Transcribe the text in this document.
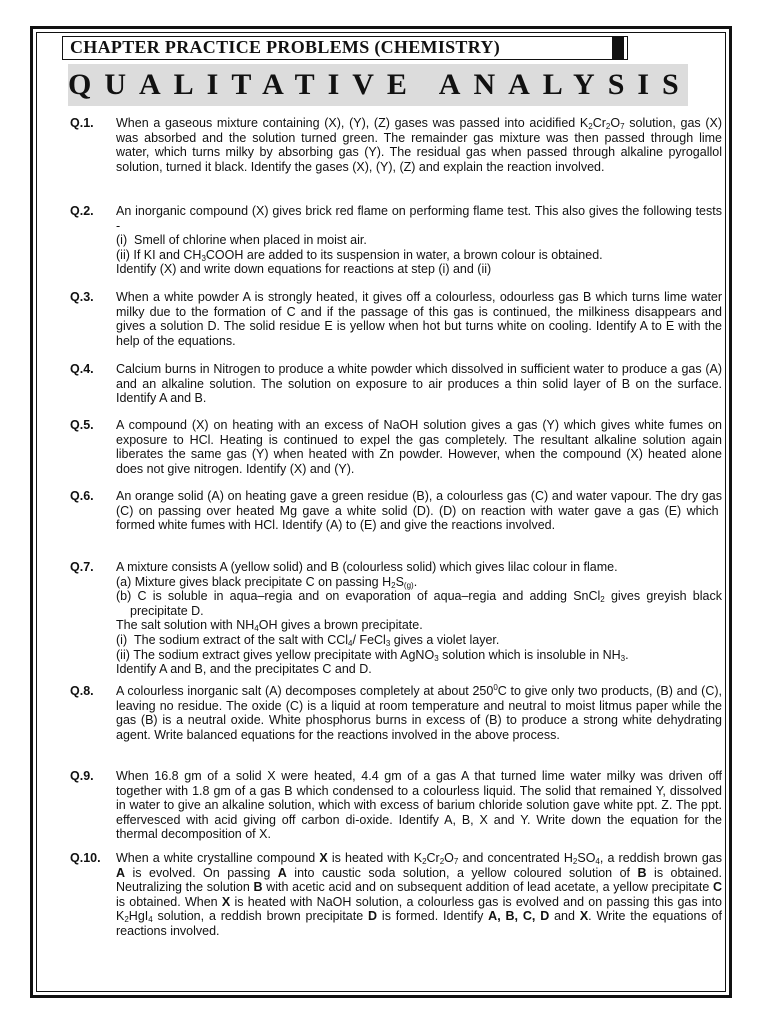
CHAPTER PRACTICE PROBLEMS (CHEMISTRY)
QUALITATIVE ANALYSIS
Q.1. When a gaseous mixture containing (X), (Y), (Z) gases was passed into acidified $K_2Cr_2O_7$ solution, gas (X) was absorbed and the solution turned green. The remainder gas mixture was then passed through lime water, which turns milky by absorbing gas (Y). The residual gas when passed through alkaline pyrogallol solution, turned it black. Identify the gases (X), (Y), (Z) and explain the reaction involved.

Q.2. An inorganic compound (X) gives brick red flame on performing flame test. This also gives the following tests -

(i)  Smell of chlorine when placed in moist air.

(ii) If KI and $CH_3COOH$ are added to its suspension in water, a brown colour is obtained.

Identify (X) and write down equations for reactions at step (i) and (ii)

Q.3. When a white powder A is strongly heated, it gives off a colourless, odourless gas B which turns lime water milky due to the formation of C and if the passage of this gas is continued, the milkiness disappears and gives a solution D. The solid residue E is yellow when hot but turns white on cooling. Identify A to E with the help of the equations.

Q.4. Calcium burns in Nitrogen to produce a white powder which dissolved in sufficient water to produce a gas (A) and an alkaline solution. The solution on exposure to air produces a thin solid layer of B on the surface. Identify A and B.

Q.5. A compound (X) on heating with an excess of NaOH solution gives a gas (Y) which gives white fumes on exposure to HCl. Heating is continued to expel the gas completely. The resultant alkaline solution again liberates the same gas (Y) when heated with Zn powder. However, when the compound (X) heated alone does not give nitrogen. Identify (X) and (Y).

Q.6. An orange solid (A) on heating gave a green residue (B), a colourless gas (C) and water vapour. The dry gas (C) on passing over heated Mg gave a white solid (D). (D) on reaction with water gave a gas (E) which  formed white fumes with HCl. Identify (A) to (E) and give the reactions involved.

Q.7. A mixture consists A (yellow solid) and B (colourless solid) which gives lilac colour in flame.

(a) Mixture gives black precipitate C on passing $H_2S_{(g)}$.

(b) C is soluble in aqua–regia and on evaporation of aqua–regia and adding SnCl$_2$ gives greyish black precipitate D.

The salt solution with $NH_4OH$ gives a brown precipitate.

(i)  The sodium extract of the salt with CCl$_4$/ FeCl$_3$ gives a violet layer.

(ii) The sodium extract gives yellow precipitate with AgNO$_3$ solution which is insoluble in $NH_3$.

Identify A and B, and the precipitates C and D.

Q.8. A colourless inorganic salt (A) decomposes completely at about $250^0C$ to give only two products, (B) and (C), leaving no residue. The oxide (C) is a liquid at room temperature and neutral to moist litmus paper while the gas (B) is a neutral oxide. White phosphorus burns in excess of (B) to produce a strong white dehydrating agent. Write balanced equations for the reactions involved in the above process.

Q.9. When 16.8 gm of a solid X were heated, 4.4 gm of a gas A that turned lime water milky was driven off together with 1.8 gm of a gas B which condensed to a colourless liquid. The solid that remained Y, dissolved in water to give an alkaline solution, which with excess of barium chloride solution gave white ppt. Z. The ppt. effervesced with acid giving off carbon di-oxide. Identify A, B, X and Y. Write down the equation for the thermal decomposition of X.

Q.10. When a white crystalline compound X is heated with $K_2Cr_2O_7$ and concentrated $H_2SO_4$, a reddish brown gas A is evolved. On passing A into caustic soda solution, a yellow coloured solution of B is obtained. Neutralizing the solution B with acetic acid and on subsequent addition of lead acetate, a yellow precipitate C is obtained. When X is heated with NaOH solution, a colourless gas is evolved and on passing this gas into $K_2HgI_4$ solution, a reddish brown precipitate D is formed. Identify A, B, C, D and X. Write the equations of reactions involved.
